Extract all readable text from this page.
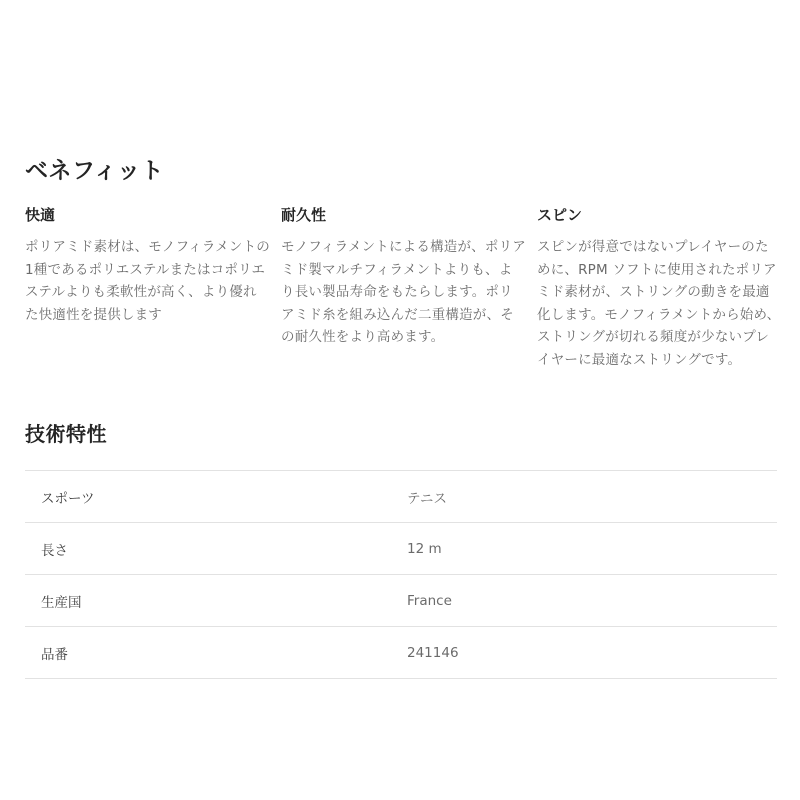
ベネフィット
快適

ポリアミド素材は、モノフィラメントの1種であるポリエステルまたはコポリエステルよりも柔軟性が高く、より優れた快適性を提供します

耐久性

モノフィラメントによる構造が、ポリアミド製マルチフィラメントよりも、より長い製品寿命をもたらします。ポリアミド糸を組み込んだ二重構造が、その耐久性をより高めます。

スピン

スピンが得意ではないプレイヤーのために、RPM ソフトに使用されたポリアミド素材が、ストリングの動きを最適化します。モノフィラメントから始め、ストリングが切れる頻度が少ないプレイヤーに最適なストリングです。

技術特性
スポーツ	テニス
長さ	12 m
生産国	France
品番	241146
